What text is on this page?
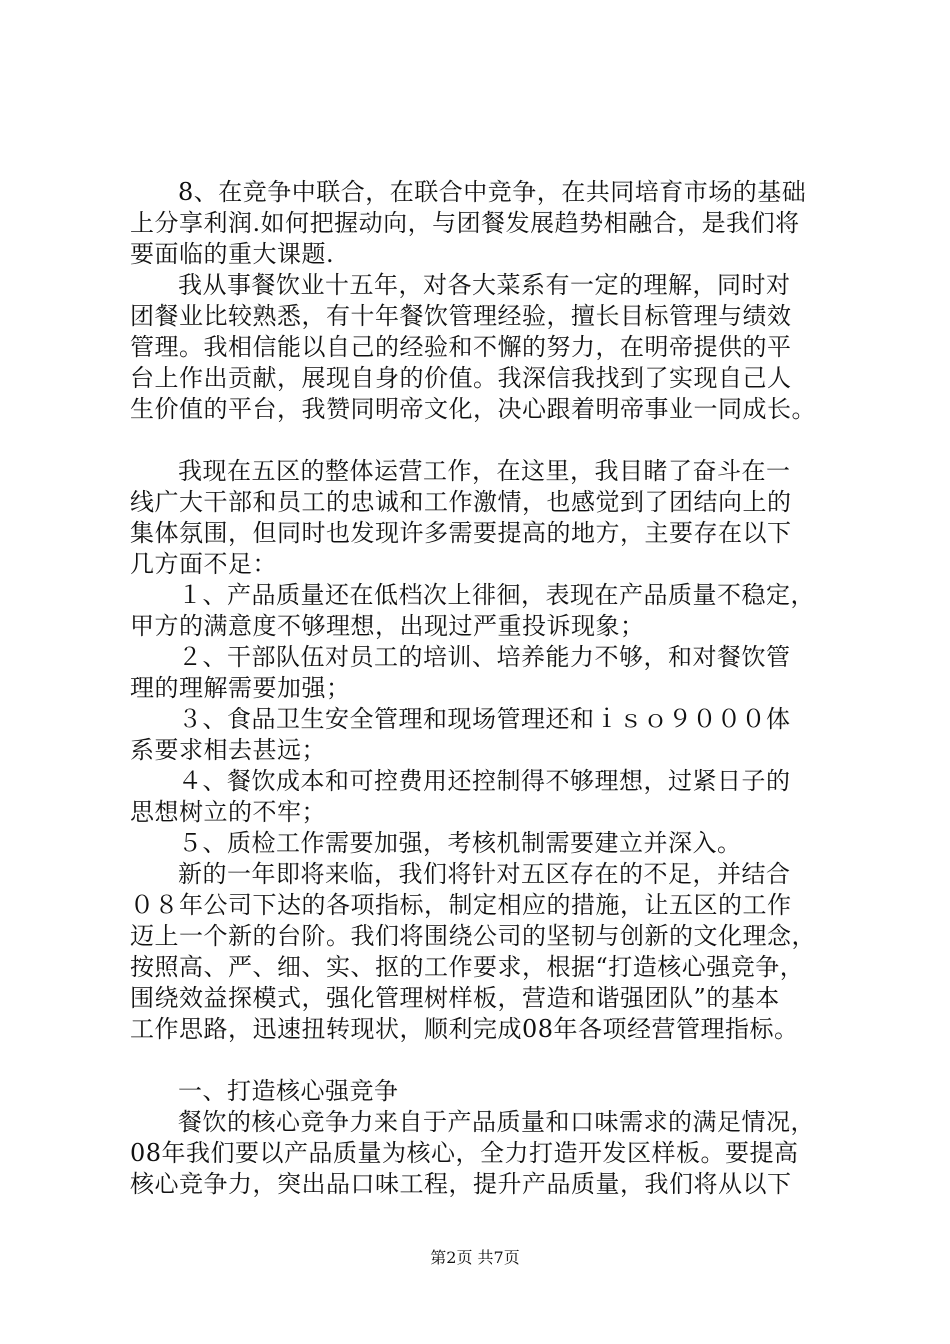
8、在竞争中联合，在联合中竞争，在共同培育市场的基础

上分享利润.如何把握动向，与团餐发展趋势相融合，是我们将

要面临的重大课题.

我从事餐饮业十五年，对各大菜系有一定的理解，同时对

团餐业比较熟悉，有十年餐饮管理经验，擅长目标管理与绩效

管理。我相信能以自己的经验和不懈的努力，在明帝提供的平

台上作出贡献，展现自身的价值。我深信我找到了实现自己人

生价值的平台，我赞同明帝文化，决心跟着明帝事业一同成长。

我现在五区的整体运营工作，在这里，我目睹了奋斗在一

线广大干部和员工的忠诚和工作激情，也感觉到了团结向上的

集体氛围，但同时也发现许多需要提高的地方，主要存在以下

几方面不足：

１、产品质量还在低档次上徘徊，表现在产品质量不稳定，

甲方的满意度不够理想，出现过严重投诉现象；

２、干部队伍对员工的培训、培养能力不够，和对餐饮管

理的理解需要加强；

３、食品卫生安全管理和现场管理还和ｉｓｏ９０００体

系要求相去甚远；

４、餐饮成本和可控费用还控制得不够理想，过紧日子的

思想树立的不牢；

５、质检工作需要加强，考核机制需要建立并深入。

新的一年即将来临，我们将针对五区存在的不足，并结合

０８年公司下达的各项指标，制定相应的措施，让五区的工作

迈上一个新的台阶。我们将围绕公司的坚韧与创新的文化理念，

按照高、严、细、实、抠的工作要求，根据“打造核心强竞争，

围绕效益探模式，强化管理树样板，营造和谐强团队”的基本

工作思路，迅速扭转现状，顺利完成08年各项经营管理指标。

一、打造核心强竞争

餐饮的核心竞争力来自于产品质量和口味需求的满足情况，

08年我们要以产品质量为核心，全力打造开发区样板。要提高

核心竞争力，突出品口味工程，提升产品质量，我们将从以下

第2页 共7页
